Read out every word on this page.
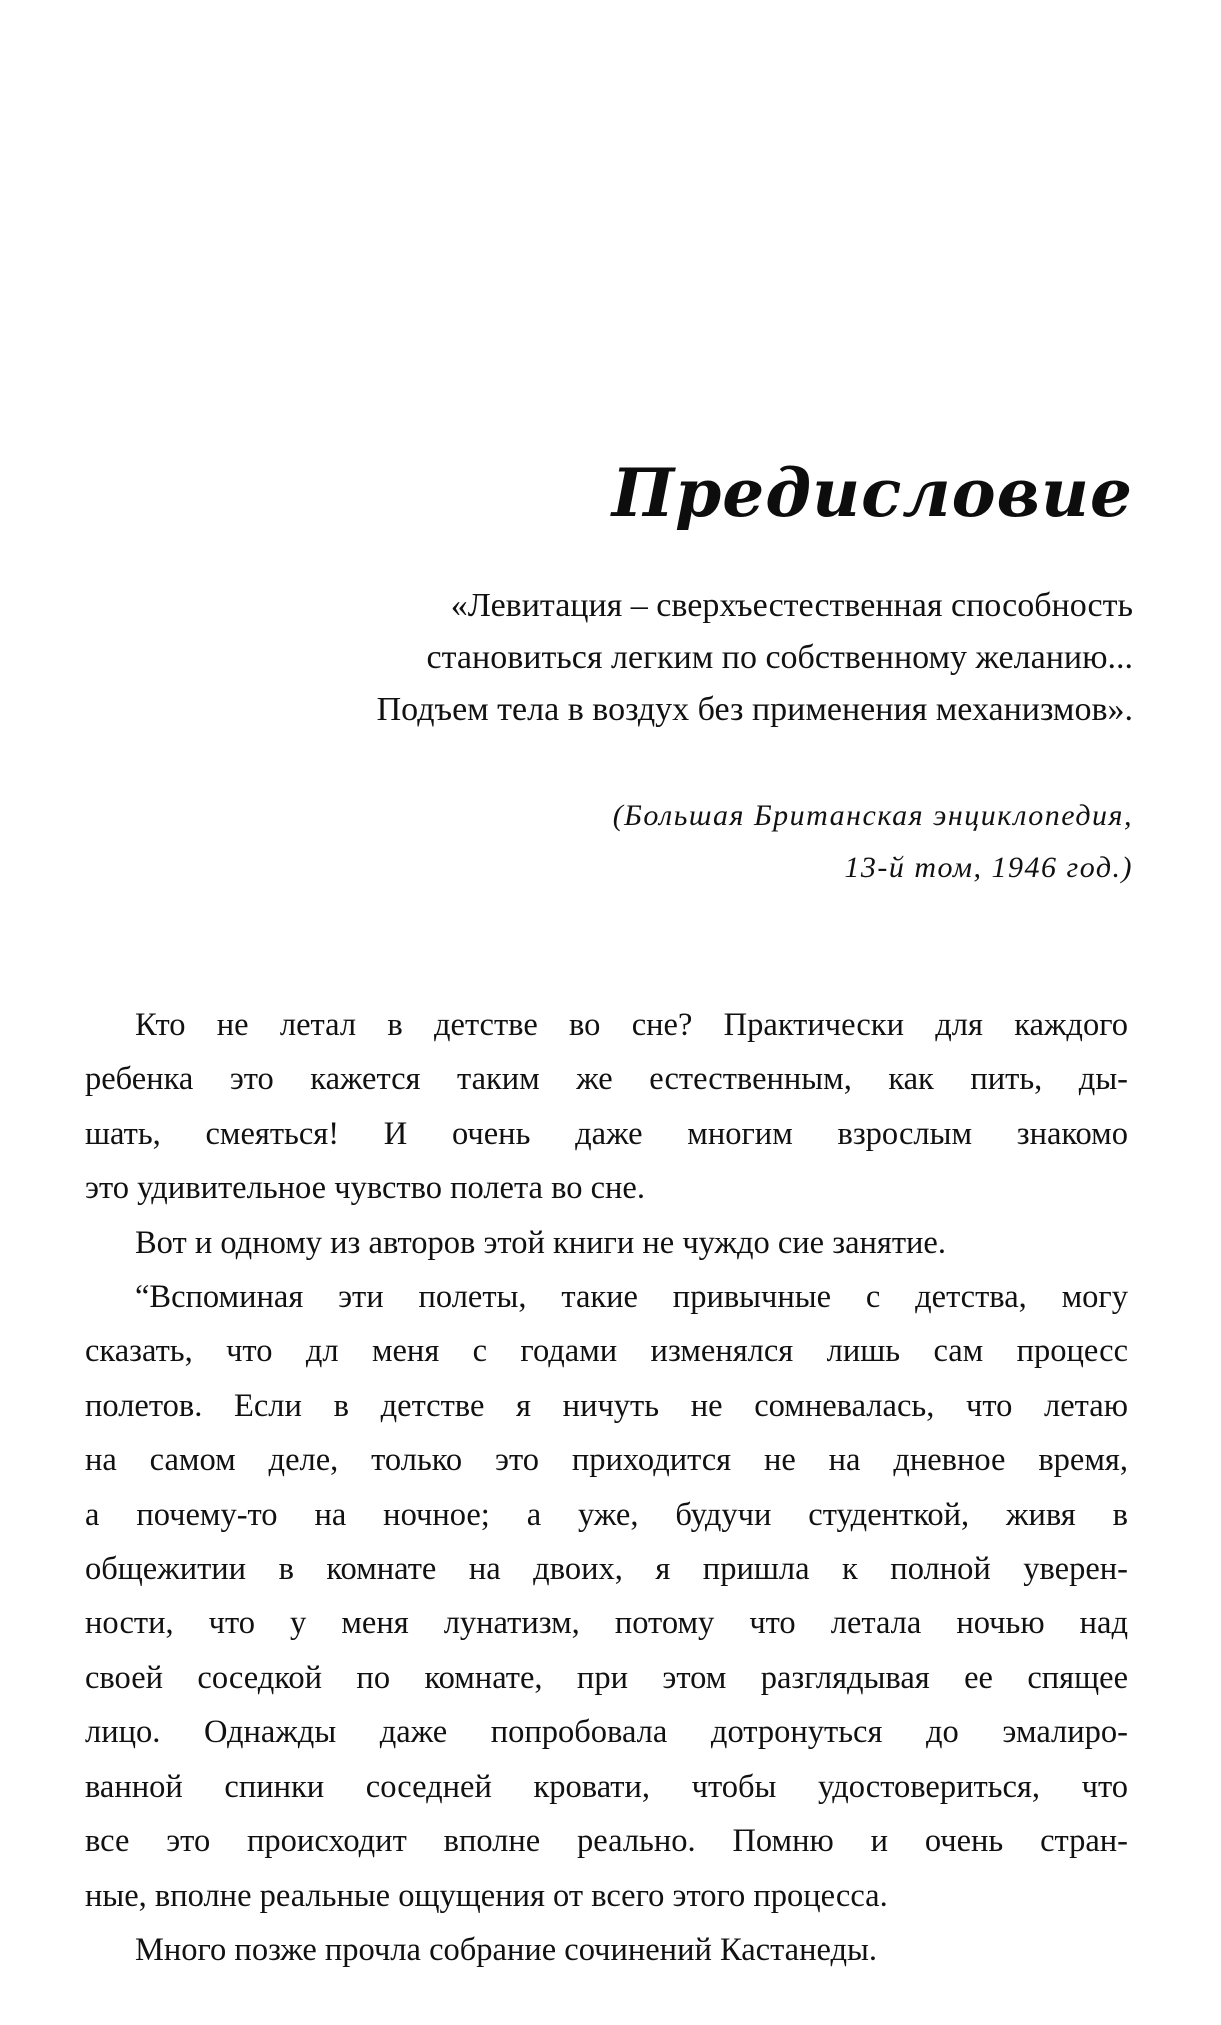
Предисловие
«Левитация – сверхъестественная способность
становиться легким по собственному желанию...
Подъем тела в воздух без применения механизмов».
(Большая Британская энциклопедия,
13-й том, 1946 год.)

Кто не летал в детстве во сне? Практически для каждого
ребенка это кажется таким же естественным, как пить, ды-
шать, смеяться! И очень даже многим взрослым знакомо
это удивительное чувство полета во сне.

Вот и одному из авторов этой книги не чуждо сие занятие.

“Вспоминая эти полеты, такие привычные с детства, могу
сказать, что дл меня с годами изменялся лишь сам процесс
полетов. Если в детстве я ничуть не сомневалась, что летаю
на самом деле, только это приходится не на дневное время,
а почему-то на ночное; а уже, будучи студенткой, живя в
общежитии в комнате на двоих, я пришла к полной уверен-
ности, что у меня лунатизм, потому что летала ночью над
своей соседкой по комнате, при этом разглядывая ее спящее
лицо. Однажды даже попробовала дотронуться до эмалиро-
ванной спинки соседней кровати, чтобы удостовериться, что
все это происходит вполне реально. Помню и очень стран-
ные, вполне реальные ощущения от всего этого процесса.

Много позже прочла собрание сочинений Кастанеды.
